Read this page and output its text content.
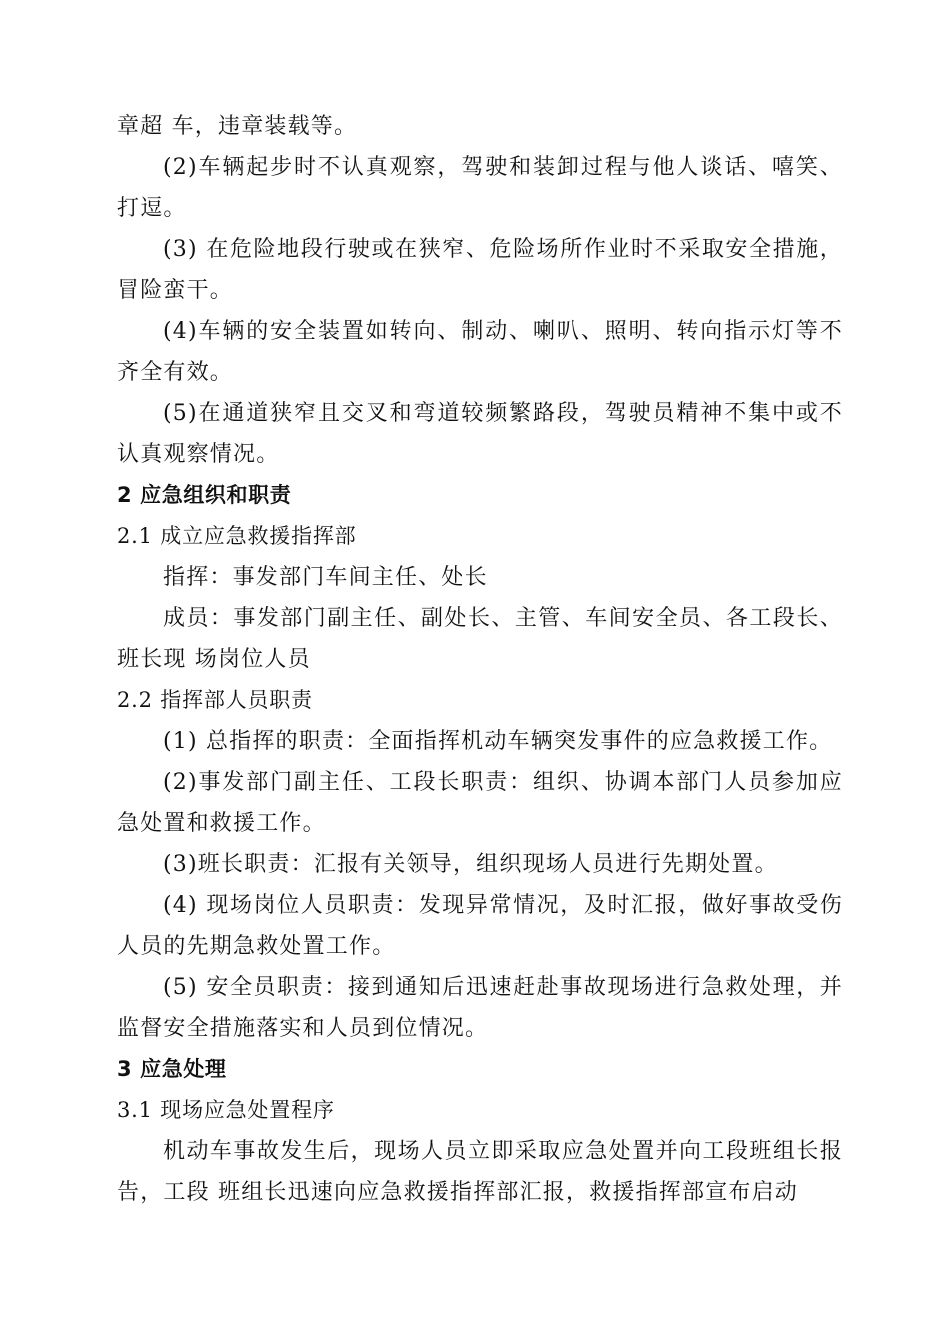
章超 车，违章装载等。

(2)车辆起步时不认真观察，驾驶和装卸过程与他人谈话、嘻笑、打逗。

(3) 在危险地段行驶或在狭窄、危险场所作业时不采取安全措施，冒险蛮干。

(4)车辆的安全装置如转向、制动、喇叭、照明、转向指示灯等不齐全有效。

(5)在通道狭窄且交叉和弯道较频繁路段，驾驶员精神不集中或不认真观察情况。

2 应急组织和职责

2.1 成立应急救援指挥部

指挥：事发部门车间主任、处长

成员：事发部门副主任、副处长、主管、车间安全员、各工段长、班长现 场岗位人员

2.2 指挥部人员职责

(1) 总指挥的职责：全面指挥机动车辆突发事件的应急救援工作。

(2)事发部门副主任、工段长职责：组织、协调本部门人员参加应急处置和救援工作。

(3)班长职责：汇报有关领导，组织现场人员进行先期处置。

(4) 现场岗位人员职责：发现异常情况，及时汇报，做好事故受伤人员的先期急救处置工作。

(5) 安全员职责：接到通知后迅速赶赴事故现场进行急救处理，并监督安全措施落实和人员到位情况。

3 应急处理

3.1 现场应急处置程序

机动车事故发生后，现场人员立即采取应急处置并向工段班组长报告，工段 班组长迅速向应急救援指挥部汇报，救援指挥部宣布启动
